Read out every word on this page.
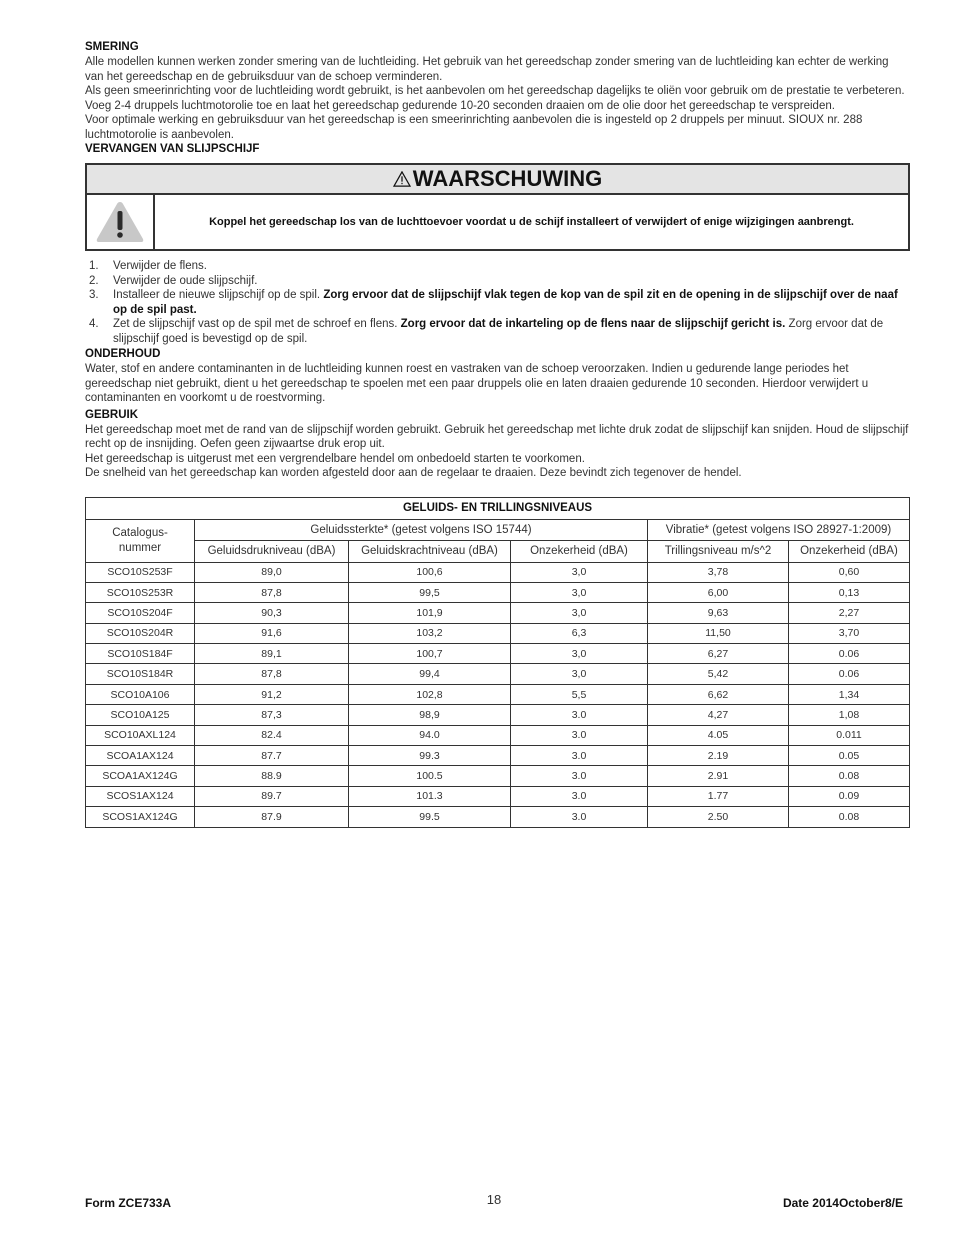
SMERING

Alle modellen kunnen werken zonder smering van de luchtleiding. Het gebruik van het gereedschap zonder smering van de luchtleiding kan echter de werking van het gereedschap en de gebruiksduur van de schoep verminderen.

Als geen smeerinrichting voor de luchtleiding wordt gebruikt, is het aanbevolen om het gereedschap dagelijks te oliën voor gebruik om de prestatie te verbeteren. Voeg 2-4 druppels luchtmotorolie toe en laat het gereedschap gedurende 10-20 seconden draaien om de olie door het gereedschap te verspreiden.

Voor optimale werking en gebruiksduur van het gereedschap is een smeerinrichting aanbevolen die is ingesteld op 2 druppels per minuut. SIOUX nr. 288 luchtmotorolie is aanbevolen.

VERVANGEN VAN SLIJPSCHIJF

WAARSCHUWING
Koppel het gereedschap los van de luchttoevoer voordat u de schijf installeert of verwijdert of enige wijzigingen aanbrengt.
1.	Verwijder de flens.
2.	Verwijder de oude slijpschijf.
3.	Installeer de nieuwe slijpschijf op de spil. Zorg ervoor dat de slijpschijf vlak tegen de kop van de spil zit en de opening in de slijpschijf over de naaf op de spil past.
4.	Zet de slijpschijf vast op de spil met de schroef en flens. Zorg ervoor dat de inkarteling op de flens naar de slijpschijf gericht is. Zorg ervoor dat de slijpschijf goed is bevestigd op de spil.

ONDERHOUD

Water, stof en andere contaminanten in de luchtleiding kunnen roest en vastraken van de schoep veroorzaken. Indien u gedurende lange periodes het gereedschap niet gebruikt, dient u het gereedschap te spoelen met een paar druppels olie en laten draaien gedurende 10 seconden. Hierdoor verwijdert u contaminanten en voorkomt u de roestvorming.

GEBRUIK

Het gereedschap moet met de rand van de slijpschijf worden gebruikt. Gebruik het gereedschap met lichte druk zodat de slijpschijf kan snijden. Houd de slijpschijf recht op de insnijding. Oefen geen zijwaartse druk erop uit.

Het gereedschap is uitgerust met een vergrendelbare hendel om onbedoeld starten te voorkomen.

De snelheid van het gereedschap kan worden afgesteld door aan de regelaar te draaien. Deze bevindt zich tegenover de hendel.

GELUIDS- EN TRILLINGSNIVEAUS					
Catalogus-
nummer	Geluidssterkte* (getest volgens ISO 15744)			Vibratie* (getest volgens ISO 28927-1:2009)	
	Geluidsdrukniveau (dBA)	Geluidskrachtniveau (dBA)	Onzekerheid (dBA)	Trillingsniveau m/s^2	Onzekerheid (dBA)
SCO10S253F	89,0	100,6	3,0	3,78	0,60
SCO10S253R	87,8	99,5	3,0	6,00	0,13
SCO10S204F	90,3	101,9	3,0	9,63	2,27
SCO10S204R	91,6	103,2	6,3	11,50	3,70
SCO10S184F	89,1	100,7	3,0	6,27	0.06
SCO10S184R	87,8	99,4	3,0	5,42	0.06
SCO10A106	91,2	102,8	5,5	6,62	1,34
SCO10A125	87,3	98,9	3.0	4,27	1,08
SCO10AXL124	82.4	94.0	3.0	4.05	0.011
SCOA1AX124	87.7	99.3	3.0	2.19	0.05
SCOA1AX124G	88.9	100.5	3.0	2.91	0.08
SCOS1AX124	89.7	101.3	3.0	1.77	0.09
SCOS1AX124G	87.9	99.5	3.0	2.50	0.08
Form ZCE733A	18	Date 2014October8/E
